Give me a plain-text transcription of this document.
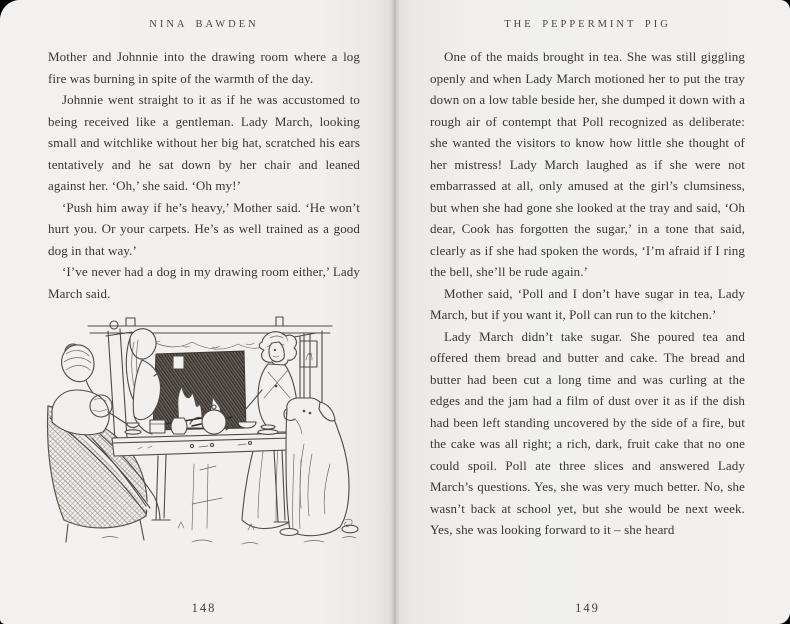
NINA BAWDEN

Mother and Johnnie into the drawing room where a log fire was burning in spite of the warmth of the day.

Johnnie went straight to it as if he was accustomed to being received like a gentleman. Lady March, looking small and witchlike without her big hat, scratched his ears tentatively and he sat down by her chair and leaned against her. ‘Oh,’ she said. ‘Oh my!’

‘Push him away if he’s heavy,’ Mother said. ‘He won’t hurt you. Or your carpets. He’s as well trained as a good dog in that way.’

‘I’ve never had a dog in my drawing room either,’ Lady March said.

148
THE PEPPERMINT PIG

One of the maids brought in tea. She was still giggling openly and when Lady March motioned her to put the tray down on a low table beside her, she dumped it down with a rough air of contempt that Poll recognized as deliberate: she wanted the visitors to know how little she thought of her mistress! Lady March laughed as if she were not embarrassed at all, only amused at the girl’s clumsiness, but when she had gone she looked at the tray and said, ‘Oh dear, Cook has forgotten the sugar,’ in a tone that said, clearly as if she had spoken the words, ‘I’m afraid if I ring the bell, she’ll be rude again.’

Mother said, ‘Poll and I don’t have sugar in tea, Lady March, but if you want it, Poll can run to the kitchen.’

Lady March didn’t take sugar. She poured tea and offered them bread and butter and cake. The bread and butter had been cut a long time and was curling at the edges and the jam had a film of dust over it as if the dish had been left standing uncovered by the side of a fire, but the cake was all right; a rich, dark, fruit cake that no one could spoil. Poll ate three slices and answered Lady March’s questions. Yes, she was very much better. No, she wasn’t back at school yet, but she would be next week. Yes, she was looking forward to it – she heard

149
